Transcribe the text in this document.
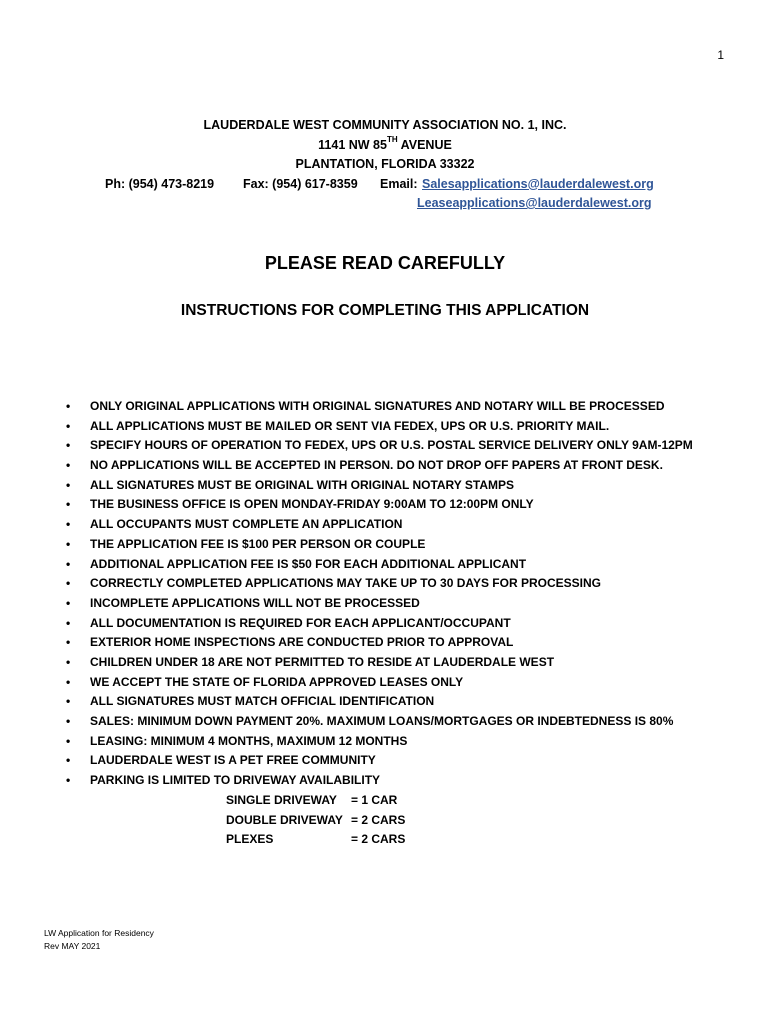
1
LAUDERDALE WEST COMMUNITY ASSOCIATION NO. 1, INC.
1141 NW 85TH AVENUE
PLANTATION, FLORIDA 33322
Ph: (954) 473-8219 Fax: (954) 617-8359 Email: Salesapplications@lauderdalewest.org
Leaseapplications@lauderdalewest.org
PLEASE READ CAREFULLY
INSTRUCTIONS FOR COMPLETING THIS APPLICATION
• ONLY ORIGINAL APPLICATIONS WITH ORIGINAL SIGNATURES AND NOTARY WILL BE PROCESSED
• ALL APPLICATIONS MUST BE MAILED OR SENT VIA FEDEX, UPS OR U.S. PRIORITY MAIL.
• SPECIFY HOURS OF OPERATION TO FEDEX, UPS OR U.S. POSTAL SERVICE DELIVERY ONLY 9AM-12PM
• NO APPLICATIONS WILL BE ACCEPTED IN PERSON. DO NOT DROP OFF PAPERS AT FRONT DESK.
• ALL SIGNATURES MUST BE ORIGINAL WITH ORIGINAL NOTARY STAMPS
• THE BUSINESS OFFICE IS OPEN MONDAY-FRIDAY 9:00AM TO 12:00PM ONLY
• ALL OCCUPANTS MUST COMPLETE AN APPLICATION
• THE APPLICATION FEE IS $100 PER PERSON OR COUPLE
• ADDITIONAL APPLICATION FEE IS $50 FOR EACH ADDITIONAL APPLICANT
• CORRECTLY COMPLETED APPLICATIONS MAY TAKE UP TO 30 DAYS FOR PROCESSING
• INCOMPLETE APPLICATIONS WILL NOT BE PROCESSED
• ALL DOCUMENTATION IS REQUIRED FOR EACH APPLICANT/OCCUPANT
• EXTERIOR HOME INSPECTIONS ARE CONDUCTED PRIOR TO APPROVAL
• CHILDREN UNDER 18 ARE NOT PERMITTED TO RESIDE AT LAUDERDALE WEST
• WE ACCEPT THE STATE OF FLORIDA APPROVED LEASES ONLY
• ALL SIGNATURES MUST MATCH OFFICIAL IDENTIFICATION
• SALES: MINIMUM DOWN PAYMENT 20%. MAXIMUM LOANS/MORTGAGES OR INDEBTEDNESS IS 80%
• LEASING: MINIMUM 4 MONTHS, MAXIMUM 12 MONTHS
• LAUDERDALE WEST IS A PET FREE COMMUNITY
• PARKING IS LIMITED TO DRIVEWAY AVAILABILITY
SINGLE DRIVEWAY = 1 CAR
DOUBLE DRIVEWAY = 2 CARS
PLEXES	= 2 CARS
LW Application for Residency
Rev MAY 2021
